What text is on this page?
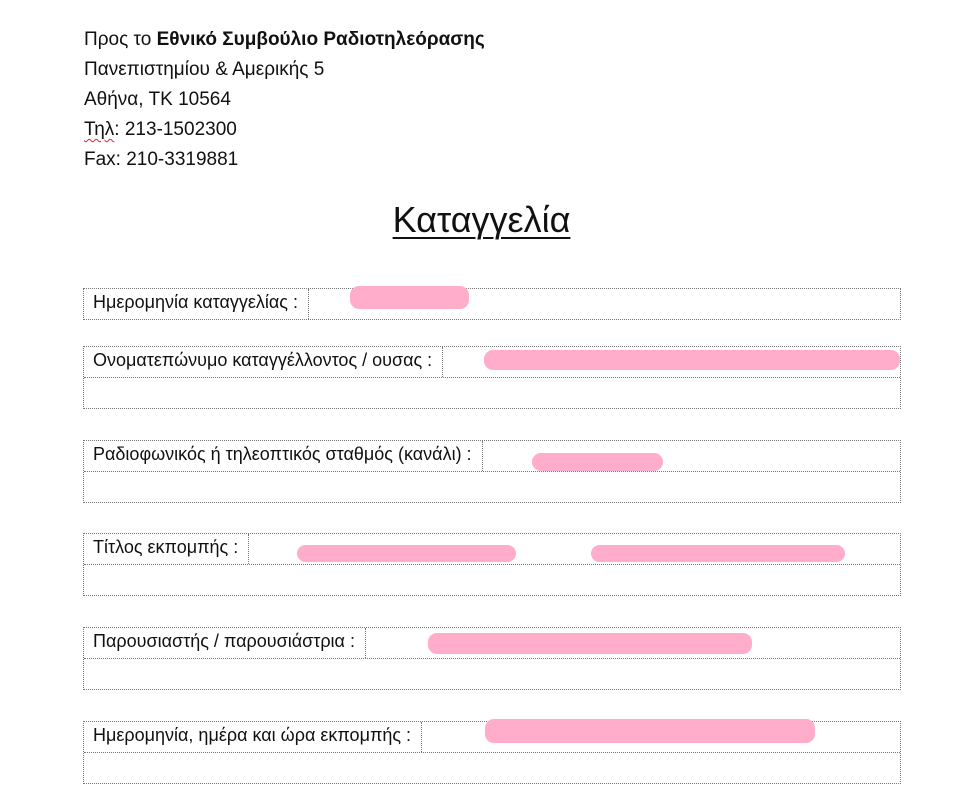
Προς το Εθνικό Συμβούλιο Ραδιοτηλεόρασης
Πανεπιστημίου & Αμερικής 5
Αθήνα, ΤΚ 10564
Τηλ: 213-1502300
Fax: 210-3319881
Καταγγελία
Ημερομηνία καταγγελίας :
Ονοματεπώνυμο καταγγέλλοντος / ουσας :
Ραδιοφωνικός ή τηλεοπτικός σταθμός (κανάλι) :
Τίτλος εκπομπής :
Παρουσιαστής / παρουσιάστρια :
Ημερομηνία, ημέρα και ώρα εκπομπής :
